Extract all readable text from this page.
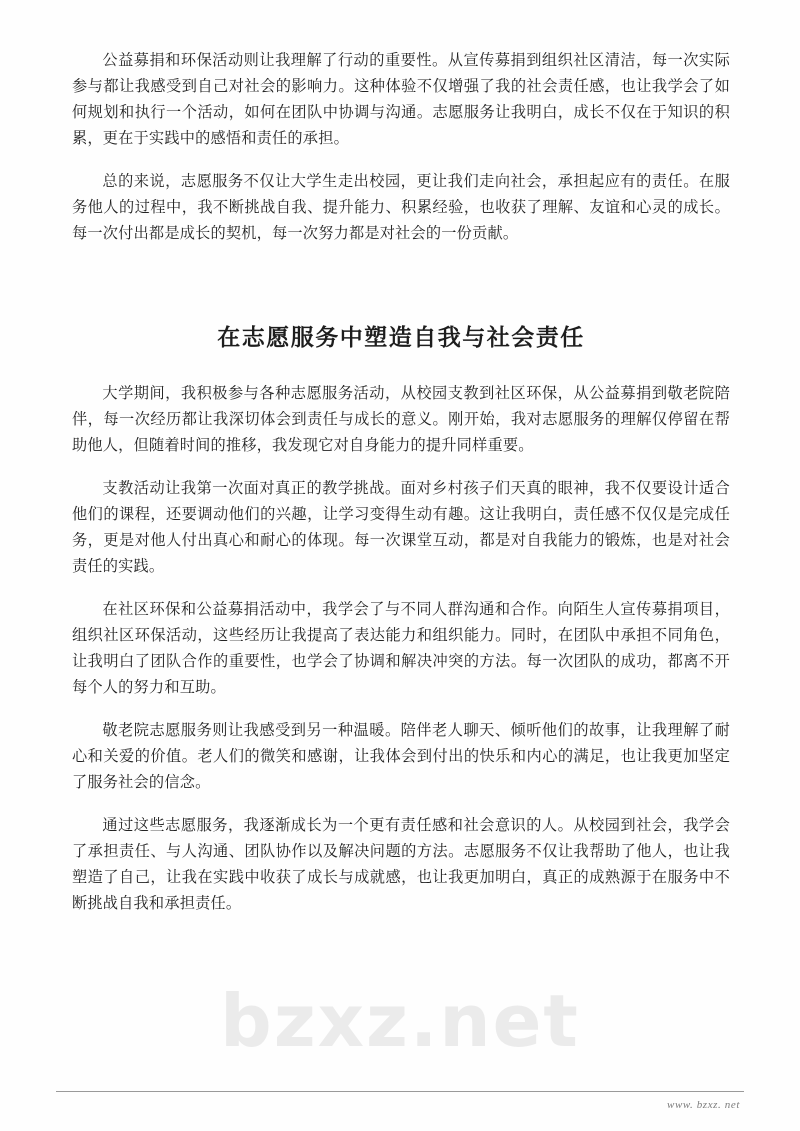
bzxz.net

公益募捐和环保活动则让我理解了行动的重要性。从宣传募捐到组织社区清洁，每一次实际参与都让我感受到自己对社会的影响力。这种体验不仅增强了我的社会责任感，也让我学会了如何规划和执行一个活动，如何在团队中协调与沟通。志愿服务让我明白，成长不仅在于知识的积累，更在于实践中的感悟和责任的承担。

总的来说，志愿服务不仅让大学生走出校园，更让我们走向社会，承担起应有的责任。在服务他人的过程中，我不断挑战自我、提升能力、积累经验，也收获了理解、友谊和心灵的成长。每一次付出都是成长的契机，每一次努力都是对社会的一份贡献。

在志愿服务中塑造自我与社会责任

大学期间，我积极参与各种志愿服务活动，从校园支教到社区环保，从公益募捐到敬老院陪伴，每一次经历都让我深切体会到责任与成长的意义。刚开始，我对志愿服务的理解仅停留在帮助他人，但随着时间的推移，我发现它对自身能力的提升同样重要。

支教活动让我第一次面对真正的教学挑战。面对乡村孩子们天真的眼神，我不仅要设计适合他们的课程，还要调动他们的兴趣，让学习变得生动有趣。这让我明白，责任感不仅仅是完成任务，更是对他人付出真心和耐心的体现。每一次课堂互动，都是对自我能力的锻炼，也是对社会责任的实践。

在社区环保和公益募捐活动中，我学会了与不同人群沟通和合作。向陌生人宣传募捐项目，组织社区环保活动，这些经历让我提高了表达能力和组织能力。同时，在团队中承担不同角色，让我明白了团队合作的重要性，也学会了协调和解决冲突的方法。每一次团队的成功，都离不开每个人的努力和互助。

敬老院志愿服务则让我感受到另一种温暖。陪伴老人聊天、倾听他们的故事，让我理解了耐心和关爱的价值。老人们的微笑和感谢，让我体会到付出的快乐和内心的满足，也让我更加坚定了服务社会的信念。

通过这些志愿服务，我逐渐成长为一个更有责任感和社会意识的人。从校园到社会，我学会了承担责任、与人沟通、团队协作以及解决问题的方法。志愿服务不仅让我帮助了他人，也让我塑造了自己，让我在实践中收获了成长与成就感，也让我更加明白，真正的成熟源于在服务中不断挑战自我和承担责任。

www. bzxz. net
